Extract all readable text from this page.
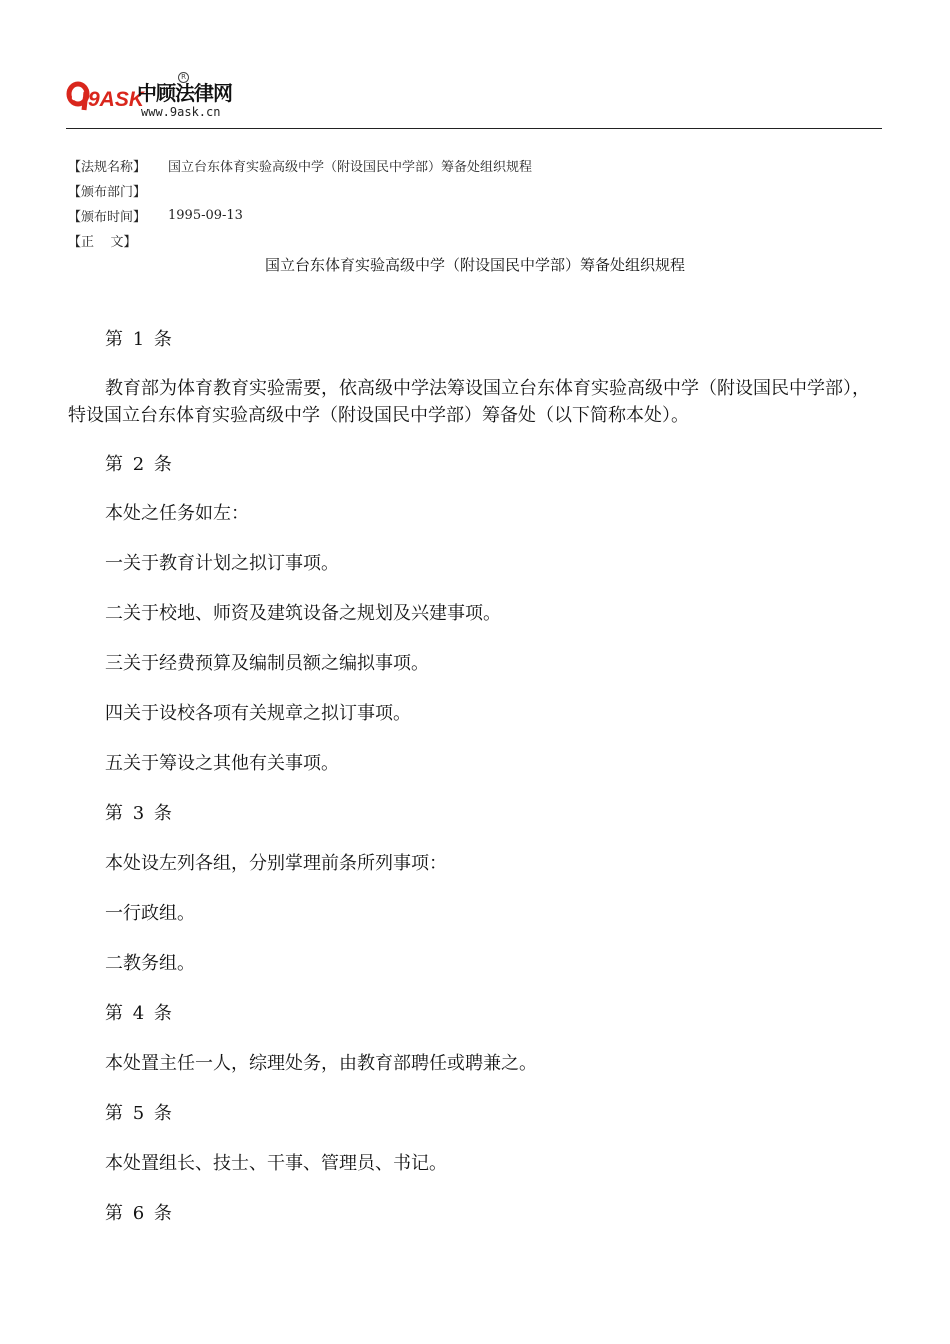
9ASK
中顾法律网
R
www.9ask.cn
【法规名称】	国立台东体育实验高级中学（附设国民中学部）筹备处组织规程
【颁布部门】
【颁布时间】	1995-09-13
【正    文】
国立台东体育实验高级中学（附设国民中学部）筹备处组织规程

第 1 条

教育部为体育教育实验需要，依高级中学法筹设国立台东体育实验高级中学（附设国民中学部），特设国立台东体育实验高级中学（附设国民中学部）筹备处（以下简称本处）。

第 2 条

本处之任务如左：

一关于教育计划之拟订事项。

二关于校地、师资及建筑设备之规划及兴建事项。

三关于经费预算及编制员额之编拟事项。

四关于设校各项有关规章之拟订事项。

五关于筹设之其他有关事项。

第 3 条

本处设左列各组，分别掌理前条所列事项：

一行政组。

二教务组。

第 4 条

本处置主任一人，综理处务，由教育部聘任或聘兼之。

第 5 条

本处置组长、技士、干事、管理员、书记。

第 6 条
